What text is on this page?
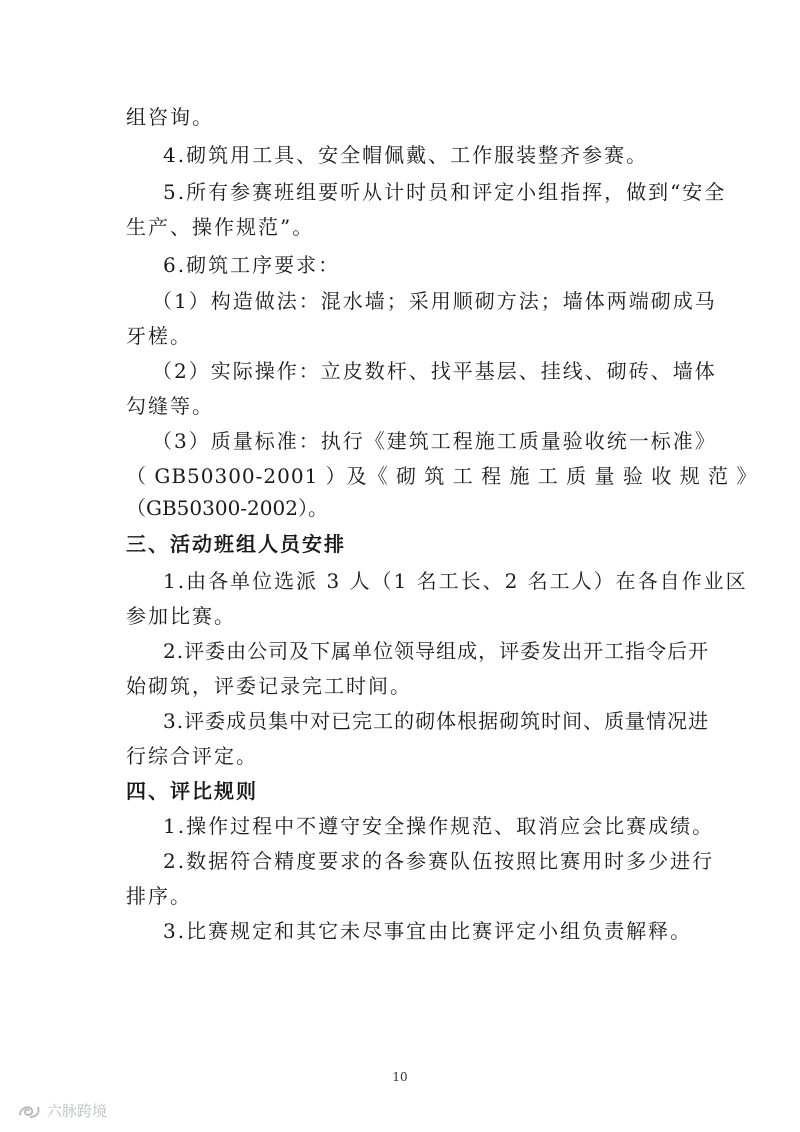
组咨询。
4.砌筑用工具、安全帽佩戴、工作服装整齐参赛。
5.所有参赛班组要听从计时员和评定小组指挥，做到“安全
生产、操作规范”。
6.砌筑工序要求：
（1）构造做法：混水墙；采用顺砌方法；墙体两端砌成马
牙槎。
（2）实际操作：立皮数杆、找平基层、挂线、砌砖、墙体
勾缝等。
（3）质量标准：执行《建筑工程施工质量验收统一标准》
（ GB50300-2001 ）及《 砌 筑 工 程 施 工 质 量 验 收 规 范 》
（GB50300-2002）。
三、活动班组人员安排
1.由各单位选派 3 人（1 名工长、2 名工人）在各自作业区
参加比赛。
2.评委由公司及下属单位领导组成，评委发出开工指令后开
始砌筑，评委记录完工时间。
3.评委成员集中对已完工的砌体根据砌筑时间、质量情况进
行综合评定。
四、评比规则
1.操作过程中不遵守安全操作规范、取消应会比赛成绩。
2.数据符合精度要求的各参赛队伍按照比赛用时多少进行
排序。
3.比赛规定和其它未尽事宜由比赛评定小组负责解释。
10
六脉跨境
